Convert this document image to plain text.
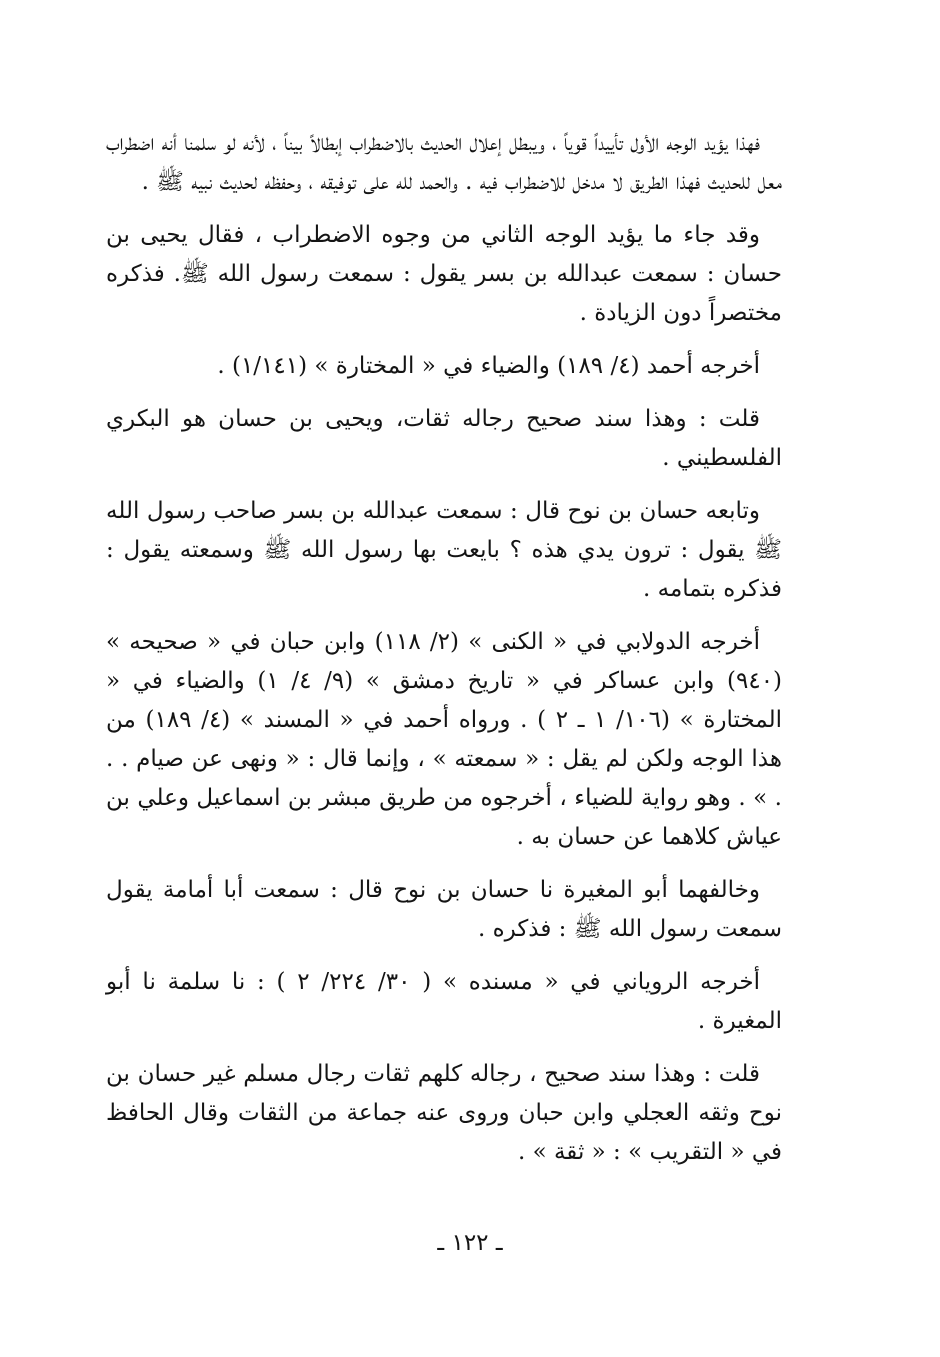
فهذا يؤيد الوجه الأول تأييداً قوياً ، ويبطل إعلال الحديث بالاضطراب إبطالاً بيناً ، لأنه لو سلمنا أنه اضطراب معل للحديث فهذا الطريق لا مدخل للاضطراب فيه . والحمد لله على توفيقه ، وحفظه لحديث نبيه ﷺ .

وقد جاء ما يؤيد الوجه الثاني من وجوه الاضطراب ، فقال يحيى بن حسان : سمعت عبدالله بن بسر يقول : سمعت رسول الله ﷺ. فذكره مختصراً دون الزيادة .

أخرجه أحمد (٤/ ١٨٩) والضياء في « المختارة » (١/١٤١) .

قلت : وهذا سند صحيح رجاله ثقات، ويحيى بن حسان هو البكري الفلسطيني .

وتابعه حسان بن نوح قال : سمعت عبدالله بن بسر صاحب رسول الله ﷺ يقول : ترون يدي هذه ؟ بايعت بها رسول الله ﷺ وسمعته يقول : فذكره بتمامه .

أخرجه الدولابي في « الكنى » (٢/ ١١٨) وابن حبان في « صحيحه » (٩٤٠) وابن عساكر في « تاريخ دمشق » (٩/ ٤/ ١) والضياء في « المختارة » (١٠٦/ ١ ـ ٢ ) . ورواه أحمد في « المسند » (٤/ ١٨٩) من هذا الوجه ولكن لم يقل : « سمعته » ، وإنما قال : « ونهى عن صيام . . . » . وهو رواية للضياء ، أخرجوه من طريق مبشر بن اسماعيل وعلي بن عياش كلاهما عن حسان به .

وخالفهما أبو المغيرة نا حسان بن نوح قال : سمعت أبا أمامة يقول سمعت رسول الله ﷺ : فذكره .

أخرجه الروياني في « مسنده » ( ٣٠/ ٢٢٤/ ٢ ) : نا سلمة نا أبو المغيرة .

قلت : وهذا سند صحيح ، رجاله كلهم ثقات رجال مسلم غير حسان بن نوح وثقه العجلي وابن حبان وروى عنه جماعة من الثقات وقال الحافظ في « التقريب » : « ثقة » .

ـ ١٢٢ ـ
